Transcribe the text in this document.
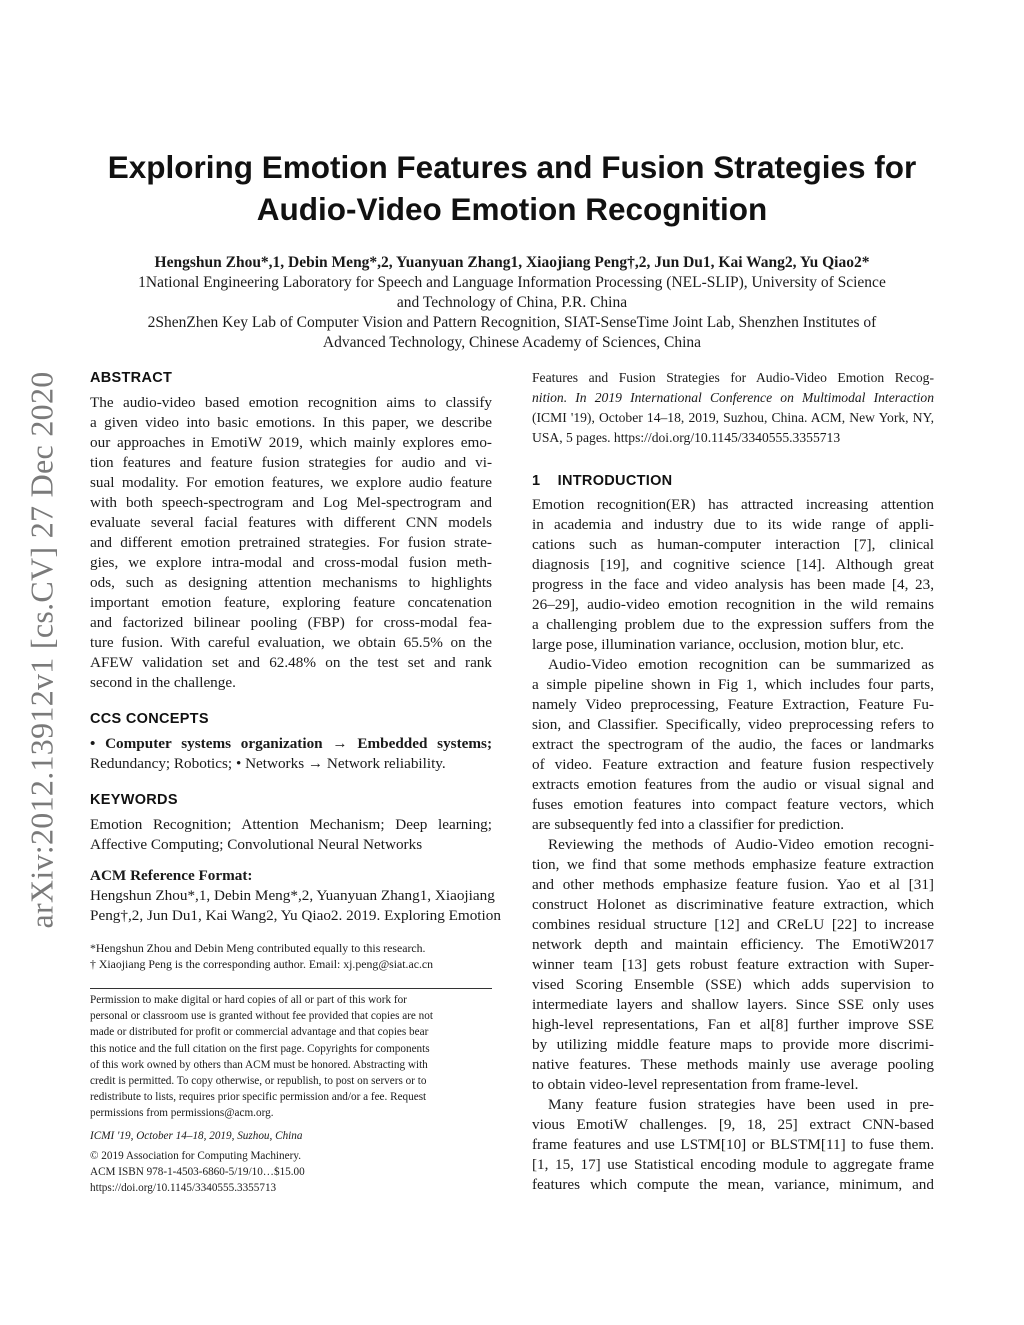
Exploring Emotion Features and Fusion Strategies for
Audio-Video Emotion Recognition
Hengshun Zhou*,1, Debin Meng*,2, Yuanyuan Zhang1, Xiaojiang Peng†,2, Jun Du1, Kai Wang2, Yu Qiao2*
1National Engineering Laboratory for Speech and Language Information Processing (NEL-SLIP), University of Science
and Technology of China, P.R. China
2ShenZhen Key Lab of Computer Vision and Pattern Recognition, SIAT-SenseTime Joint Lab, Shenzhen Institutes of
Advanced Technology, Chinese Academy of Sciences, China
arXiv:2012.13912v1 [cs.CV] 27 Dec 2020 ABSTRACT
The audio-video based emotion recognition aims to classify
a given video into basic emotions. In this paper, we describe
our approaches in EmotiW 2019, which mainly explores emo-
tion features and feature fusion strategies for audio and vi-
sual modality. For emotion features, we explore audio feature
with both speech-spectrogram and Log Mel-spectrogram and
evaluate several facial features with different CNN models
and different emotion pretrained strategies. For fusion strate-
gies, we explore intra-modal and cross-modal fusion meth-
ods, such as designing attention mechanisms to highlights
important emotion feature, exploring feature concatenation
and factorized bilinear pooling (FBP) for cross-modal fea-
ture fusion. With careful evaluation, we obtain 65.5% on the
AFEW validation set and 62.48% on the test set and rank
second in the challenge.
CCS CONCEPTS
• Computer systems organization → Embedded systems;
Redundancy; Robotics; • Networks → Network reliability.
KEYWORDS
Emotion Recognition; Attention Mechanism; Deep learning;
Affective Computing; Convolutional Neural Networks
ACM Reference Format:
Hengshun Zhou*,1, Debin Meng*,2, Yuanyuan Zhang1, Xiaojiang
Peng†,2, Jun Du1, Kai Wang2, Yu Qiao2. 2019. Exploring Emotion
*Hengshun Zhou and Debin Meng contributed equally to this research.
† Xiaojiang Peng is the corresponding author. Email: xj.peng@siat.ac.cn
Permission to make digital or hard copies of all or part of this work for
personal or classroom use is granted without fee provided that copies are not
made or distributed for profit or commercial advantage and that copies bear
this notice and the full citation on the first page. Copyrights for components
of this work owned by others than ACM must be honored. Abstracting with
credit is permitted. To copy otherwise, or republish, to post on servers or to
redistribute to lists, requires prior specific permission and/or a fee. Request
permissions from permissions@acm.org.
ICMI '19, October 14–18, 2019, Suzhou, China
© 2019 Association for Computing Machinery.
ACM ISBN 978-1-4503-6860-5/19/10…$15.00
https://doi.org/10.1145/3340555.3355713
Features and Fusion Strategies for Audio-Video Emotion Recog-
nition. In 2019 International Conference on Multimodal Interaction
(ICMI '19), October 14–18, 2019, Suzhou, China. ACM, New York, NY,
USA, 5 pages. https://doi.org/10.1145/3340555.3355713
1    INTRODUCTION
Emotion recognition(ER) has attracted increasing attention
in academia and industry due to its wide range of appli-
cations such as human-computer interaction [7], clinical
diagnosis [19], and cognitive science [14]. Although great
progress in the face and video analysis has been made [4, 23,
26–29], audio-video emotion recognition in the wild remains
a challenging problem due to the expression suffers from the
large pose, illumination variance, occlusion, motion blur, etc.
Audio-Video emotion recognition can be summarized as
a simple pipeline shown in Fig 1, which includes four parts,
namely Video preprocessing, Feature Extraction, Feature Fu-
sion, and Classifier. Specifically, video preprocessing refers to
extract the spectrogram of the audio, the faces or landmarks
of video. Feature extraction and feature fusion respectively
extracts emotion features from the audio or visual signal and
fuses emotion features into compact feature vectors, which
are subsequently fed into a classifier for prediction.
Reviewing the methods of Audio-Video emotion recogni-
tion, we find that some methods emphasize feature extraction
and other methods emphasize feature fusion. Yao et al [31]
construct Holonet as discriminative feature extraction, which
combines residual structure [12] and CReLU [22] to increase
network depth and maintain efficiency. The EmotiW2017
winner team [13] gets robust feature extraction with Super-
vised Scoring Ensemble (SSE) which adds supervision to
intermediate layers and shallow layers. Since SSE only uses
high-level representations, Fan et al[8] further improve SSE
by utilizing middle feature maps to provide more discrimi-
native features. These methods mainly use average pooling
to obtain video-level representation from frame-level.
Many feature fusion strategies have been used in pre-
vious EmotiW challenges. [9, 18, 25] extract CNN-based
frame features and use LSTM[10] or BLSTM[11] to fuse them.
[1, 15, 17] use Statistical encoding module to aggregate frame
features which compute the mean, variance, minimum, and
